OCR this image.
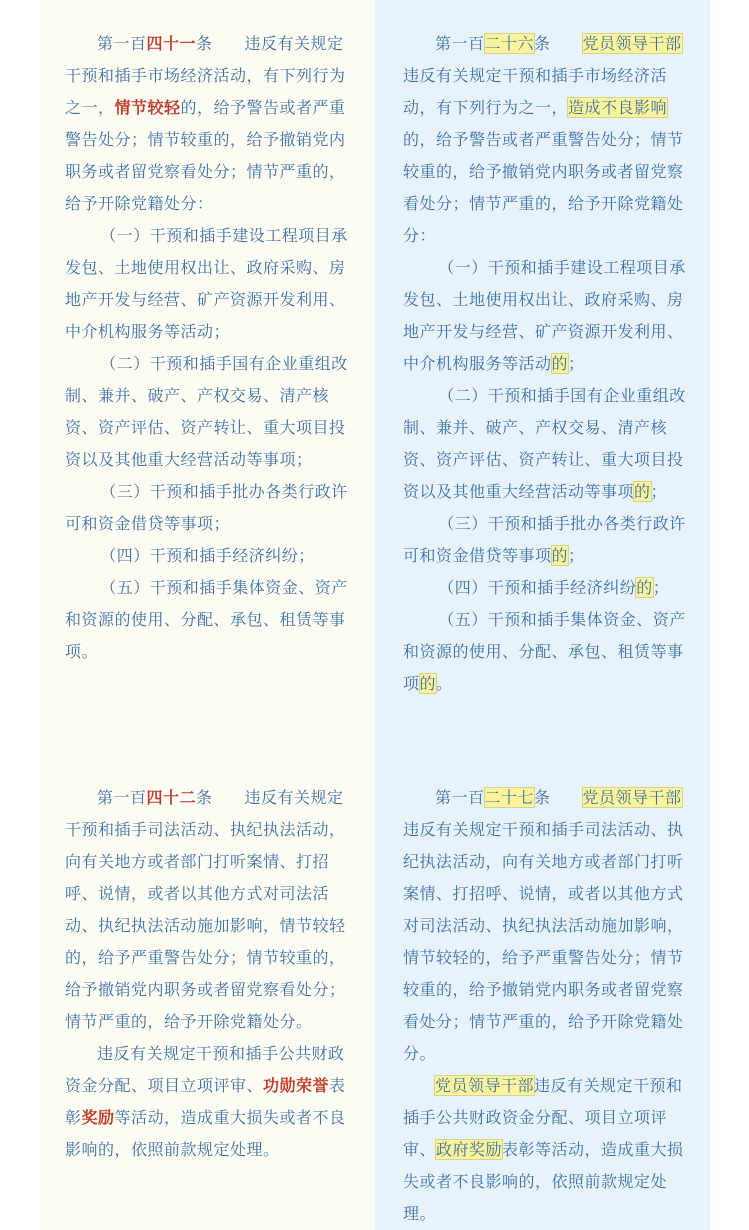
第一百四十一条 违反有关规定干预和插手市场经济活动，有下列行为之一，情节较轻的，给予警告或者严重警告处分；情节较重的，给予撤销党内职务或者留党察看处分；情节严重的，给予开除党籍处分：

（一）干预和插手建设工程项目承发包、土地使用权出让、政府采购、房地产开发与经营、矿产资源开发利用、中介机构服务等活动；

（二）干预和插手国有企业重组改制、兼并、破产、产权交易、清产核资、资产评估、资产转让、重大项目投资以及其他重大经营活动等事项；

（三）干预和插手批办各类行政许可和资金借贷等事项；

（四）干预和插手经济纠纷；

（五）干预和插手集体资金、资产和资源的使用、分配、承包、租赁等事项。

第一百二十六条 党员领导干部违反有关规定干预和插手市场经济活动，有下列行为之一，造成不良影响的，给予警告或者严重警告处分；情节较重的，给予撤销党内职务或者留党察看处分；情节严重的，给予开除党籍处分：

（一）干预和插手建设工程项目承发包、土地使用权出让、政府采购、房地产开发与经营、矿产资源开发利用、中介机构服务等活动的；

（二）干预和插手国有企业重组改制、兼并、破产、产权交易、清产核资、资产评估、资产转让、重大项目投资以及其他重大经营活动等事项的；

（三）干预和插手批办各类行政许可和资金借贷等事项的；

（四）干预和插手经济纠纷的；

（五）干预和插手集体资金、资产和资源的使用、分配、承包、租赁等事项的。

第一百四十二条 违反有关规定干预和插手司法活动、执纪执法活动，向有关地方或者部门打听案情、打招呼、说情，或者以其他方式对司法活动、执纪执法活动施加影响，情节较轻的，给予严重警告处分；情节较重的，给予撤销党内职务或者留党察看处分；情节严重的，给予开除党籍处分。

违反有关规定干预和插手公共财政资金分配、项目立项评审、功勋荣誉表彰奖励等活动，造成重大损失或者不良影响的，依照前款规定处理。

第一百二十七条 党员领导干部违反有关规定干预和插手司法活动、执纪执法活动，向有关地方或者部门打听案情、打招呼、说情，或者以其他方式对司法活动、执纪执法活动施加影响，情节较轻的，给予严重警告处分；情节较重的，给予撤销党内职务或者留党察看处分；情节严重的，给予开除党籍处分。

党员领导干部违反有关规定干预和插手公共财政资金分配、项目立项评审、政府奖励表彰等活动，造成重大损失或者不良影响的，依照前款规定处理。
